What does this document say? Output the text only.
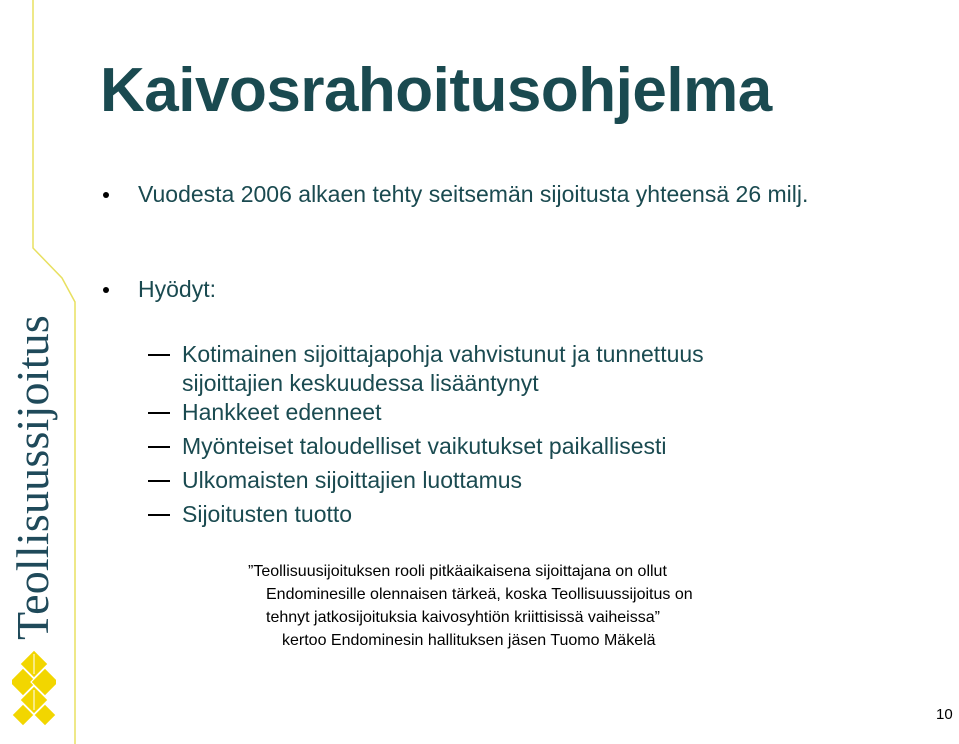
Teollisuussijoitus
Kaivosrahoitusohjelma
Vuodesta 2006 alkaen tehty seitsemän sijoitusta yhteensä 26 milj.
Hyödyt:
Kotimainen sijoittajapohja vahvistunut ja tunnettuus
sijoittajien keskuudessa lisääntynyt
Hankkeet edenneet
Myönteiset taloudelliset vaikutukset paikallisesti
Ulkomaisten sijoittajien luottamus
Sijoitusten tuotto
”Teollisuusijoituksen rooli pitkäaikaisena sijoittajana on ollut
Endominesille olennaisen tärkeä, koska Teollisuussijoitus on
tehnyt jatkosijoituksia kaivosyhtiön kriittisissä vaiheissa”
kertoo Endominesin hallituksen jäsen Tuomo Mäkelä
10
